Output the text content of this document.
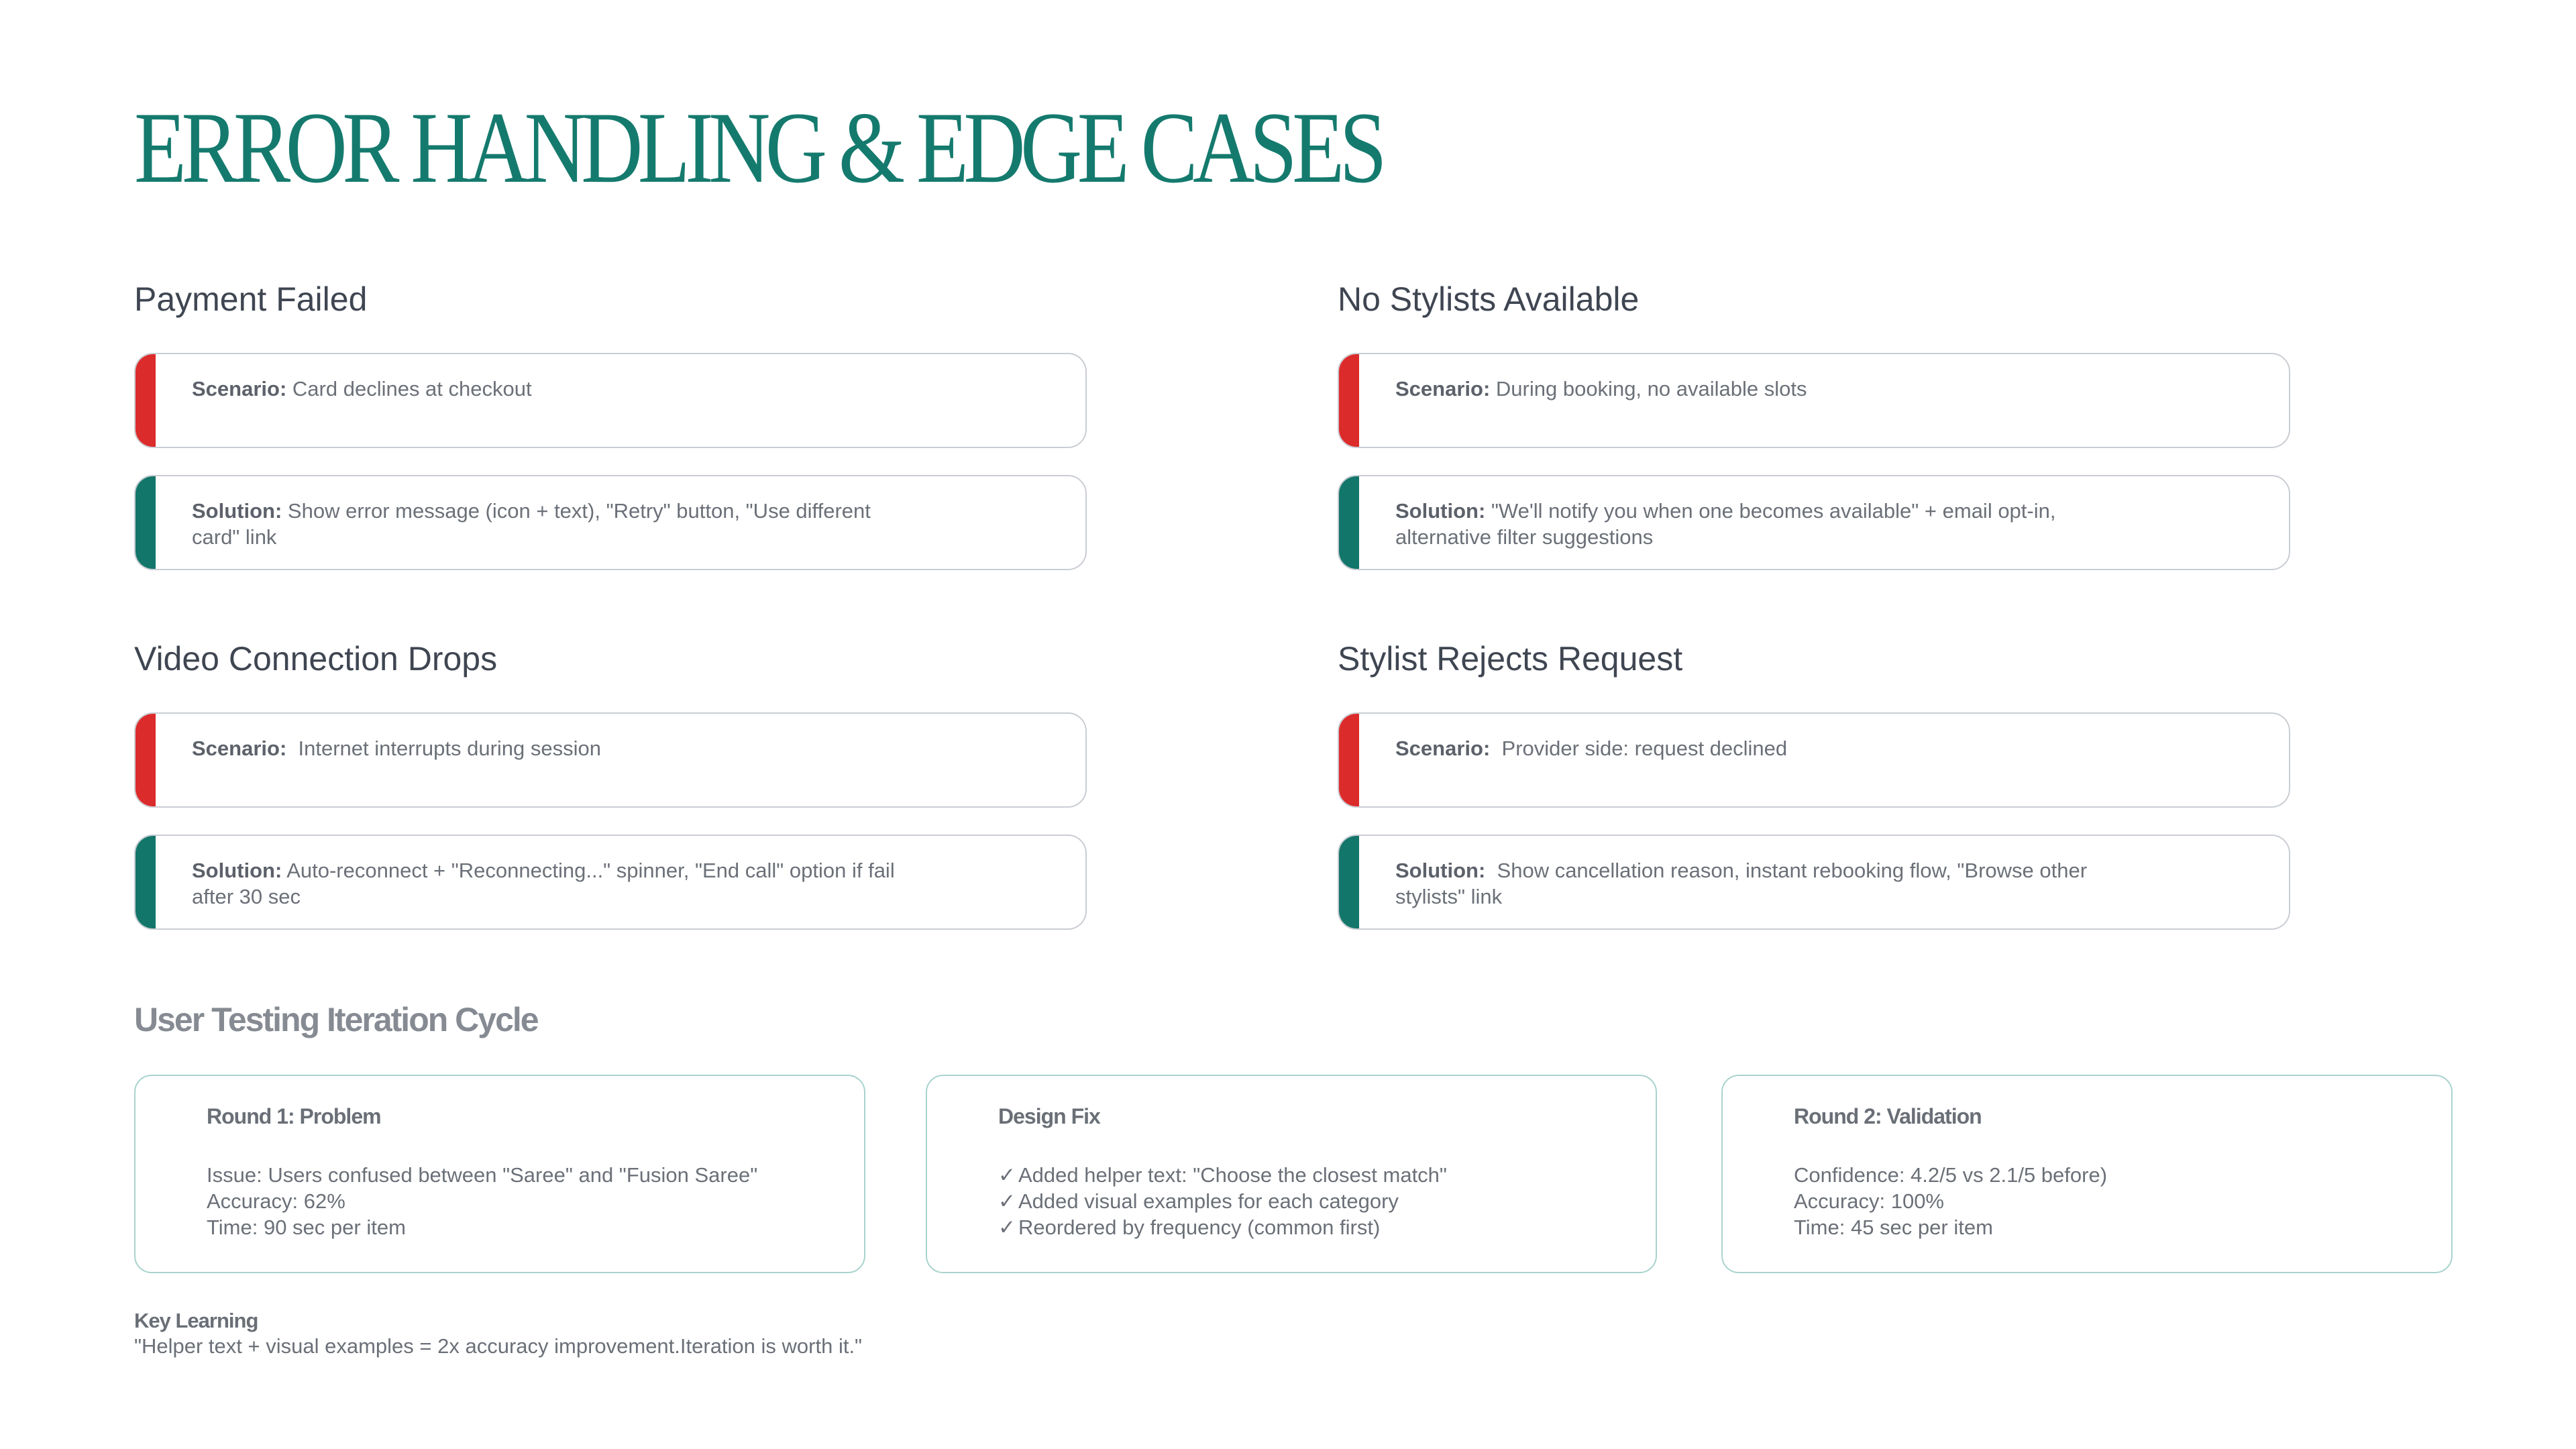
ERROR HANDLING & EDGE CASES
Payment Failed
Scenario: Card declines at checkout
Solution: Show error message (icon + text), "Retry" button, "Use different card" link
No Stylists Available
Scenario: During booking, no available slots
Solution: "We'll notify you when one becomes available" + email opt-in, alternative filter suggestions
Video Connection Drops
Scenario: Internet interrupts during session
Solution: Auto-reconnect + "Reconnecting..." spinner, "End call" option if fail after 30 sec
Stylist Rejects Request
Scenario: Provider side: request declined
Solution: Show cancellation reason, instant rebooking flow, "Browse other stylists" link
User Testing Iteration Cycle
Round 1: Problem
Issue: Users confused between "Saree" and "Fusion Saree"
Accuracy: 62%
Time: 90 sec per item
Design Fix
✓ Added helper text: "Choose the closest match"
✓ Added visual examples for each category
✓ Reordered by frequency (common first)
Round 2: Validation
Confidence: 4.2/5 vs 2.1/5 before)
Accuracy: 100%
Time: 45 sec per item
Key Learning
"Helper text + visual examples = 2x accuracy improvement.Iteration is worth it."
